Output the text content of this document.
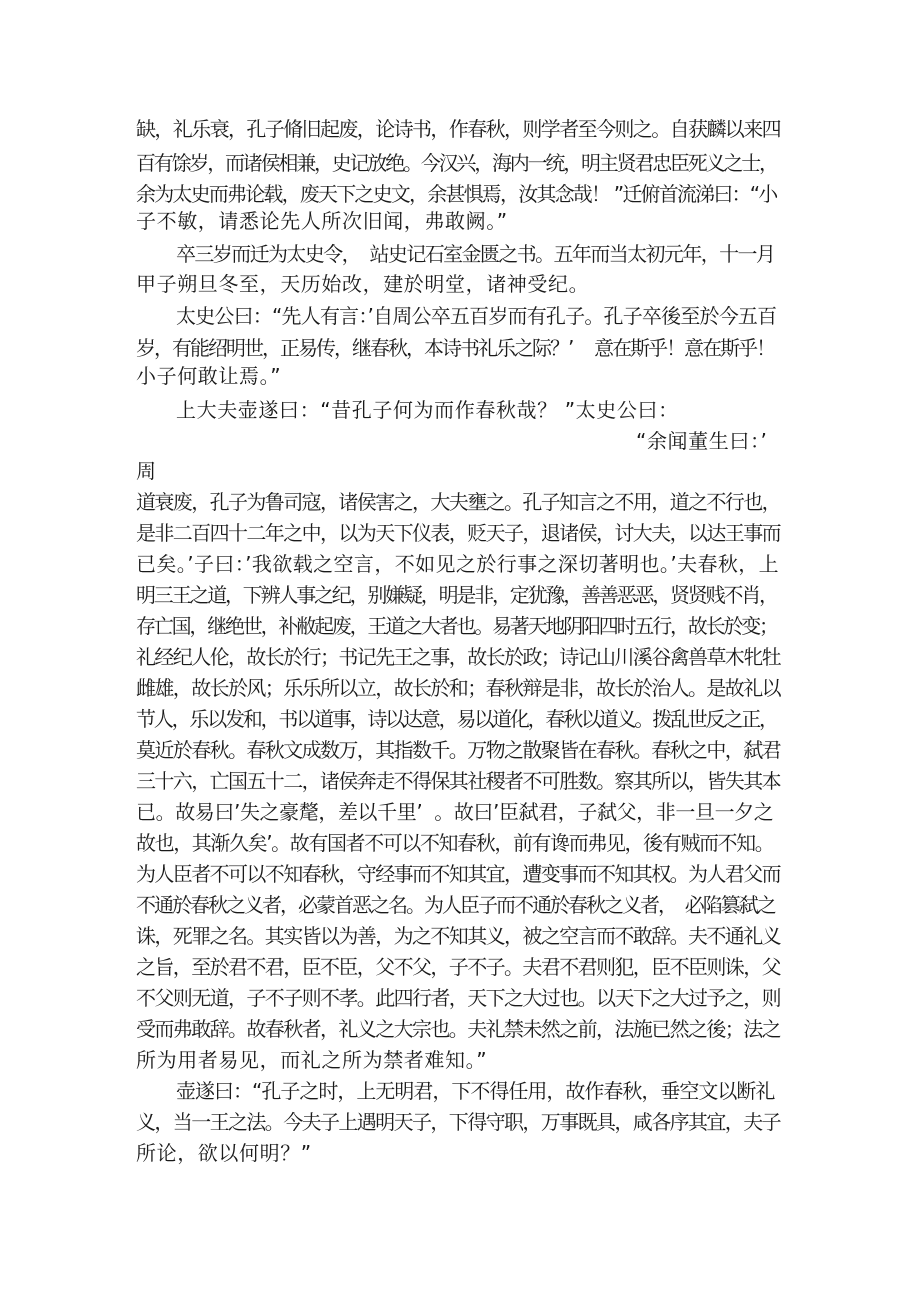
缺，礼乐衰，孔子脩旧起废，论诗书，作春秋，则学者至今则之。自获麟以来四
百有馀岁，而诸侯相兼，史记放绝。今汉兴，海内一统，明主贤君忠臣死义之士，
余为太史而弗论载，废天下之史文，余甚惧焉，汝其念哉！ ”迁俯首流涕曰：“小
子不敏，请悉论先人所次旧闻，弗敢阙。”
卒三岁而迁为太史令，  站史记石室金匮之书。五年而当太初元年，十一月
甲子朔旦冬至，天历始改，建於明堂，诸神受纪。
太史公曰：“先人有言：’自周公卒五百岁而有孔子。孔子卒後至於今五百
岁，有能绍明世，正易传，继春秋，本诗书礼乐之际？’     意在斯乎！意在斯乎！
小子何敢让焉。”
上大夫壶遂曰：“昔孔子何为而作春秋哉？ ”太史公曰：
“余闻董生曰：’
周
道衰废，孔子为鲁司寇，诸侯害之，大夫壅之。孔子知言之不用，道之不行也，
是非二百四十二年之中，以为天下仪表，贬天子，退诸侯，讨大夫，以达王事而
已矣。’子曰：’我欲载之空言，不如见之於行事之深切著明也。’夫春秋，上
明三王之道，下辨人事之纪，别嫌疑，明是非，定犹豫，善善恶恶，贤贤贱不肖，
存亡国，继绝世，补敝起废，王道之大者也。易著天地阴阳四时五行，故长於变；
礼经纪人伦，故长於行；书记先王之事，故长於政；诗记山川溪谷禽兽草木牝牡
雌雄，故长於风；乐乐所以立，故长於和；春秋辩是非，故长於治人。是故礼以
节人，乐以发和，书以道事，诗以达意，易以道化，春秋以道义。拨乱世反之正，
莫近於春秋。春秋文成数万，其指数千。万物之散聚皆在春秋。春秋之中，弑君
三十六，亡国五十二，诸侯奔走不得保其社稷者不可胜数。察其所以，皆失其本
已。故易曰’失之豪氂，差以千里’  。故曰’臣弑君，子弑父，非一旦一夕之
故也，其渐久矣’。故有国者不可以不知春秋，前有谗而弗见，後有贼而不知。
为人臣者不可以不知春秋，守经事而不知其宜，遭变事而不知其权。为人君父而
不通於春秋之义者，必蒙首恶之名。为人臣子而不通於春秋之义者，  必陷篡弑之
诛，死罪之名。其实皆以为善，为之不知其义，被之空言而不敢辞。夫不通礼义
之旨，至於君不君，臣不臣，父不父，子不子。夫君不君则犯，臣不臣则诛，父
不父则无道，子不子则不孝。此四行者，天下之大过也。以天下之大过予之，则
受而弗敢辞。故春秋者，礼义之大宗也。夫礼禁未然之前，法施已然之後；法之
所为用者易见，而礼之所为禁者难知。”
壶遂曰：“孔子之时，上无明君，下不得任用，故作春秋，垂空文以断礼
义，当一王之法。今夫子上遇明天子，下得守职，万事既具，咸各序其宜，夫子
所论，欲以何明？”
